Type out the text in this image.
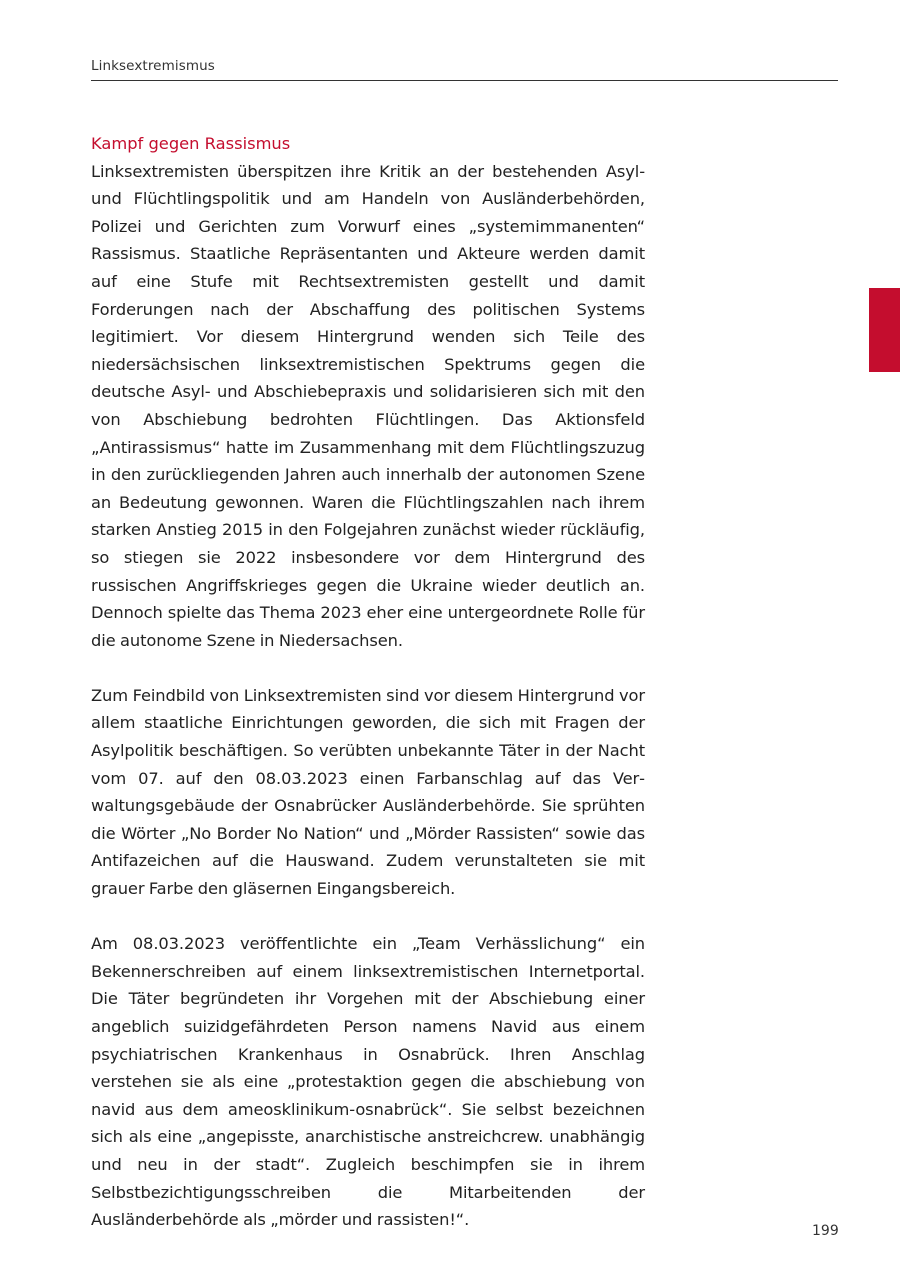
Linksextremismus
Kampf gegen Rassismus

Linksextremisten überspitzen ihre Kritik an der bestehenden Asyl- und Flüchtlingspolitik und am Handeln von Ausländerbehörden, Polizei und Gerichten zum Vorwurf eines „systemimmanenten“ Rassismus. Staatliche Repräsentanten und Akteure werden damit auf eine Stufe mit Rechtsextremisten gestellt und damit Forderungen nach der Abschaffung des politischen Systems legitimiert. Vor diesem Hintergrund wenden sich Teile des niedersächsischen linksextremistischen Spektrums gegen die deutsche Asyl- und Abschiebepraxis und solidarisieren sich mit den von Abschiebung bedrohten Flüchtlingen. Das Aktionsfeld „Antirassismus“ hatte im Zusammenhang mit dem Flüchtlingszuzug in den zurückliegenden Jahren auch innerhalb der autonomen Szene an Bedeutung gewonnen. Waren die Flüchtlingszahlen nach ihrem starken Anstieg 2015 in den Folgejahren zunächst wieder rückläufig, so stiegen sie 2022 insbesondere vor dem Hintergrund des russischen Angriffskrieges gegen die Ukraine wieder deutlich an. Dennoch spielte das Thema 2023 eher eine untergeordnete Rolle für die autonome Szene in Niedersachsen.

Zum Feindbild von Linksextremisten sind vor diesem Hintergrund vor allem staatliche Einrichtungen geworden, die sich mit Fragen der Asylpolitik beschäftigen. So verübten unbekannte Täter in der Nacht vom 07. auf den 08.03.2023 einen Farbanschlag auf das Verwaltungsgebäude der Osnabrücker Ausländerbehörde. Sie sprühten die Wörter „No Border No Nation“ und „Mörder Rassisten“ sowie das Antifazeichen auf die Hauswand. Zudem verunstalteten sie mit grauer Farbe den gläsernen Eingangsbereich.

Am 08.03.2023 veröffentlichte ein „Team Verhässlichung“ ein Bekennerschreiben auf einem linksextremistischen Internetportal. Die Täter begründeten ihr Vorgehen mit der Abschiebung einer angeblich suizidgefährdeten Person namens Navid aus einem psychiatrischen Krankenhaus in Osnabrück. Ihren Anschlag verstehen sie als eine „protestaktion gegen die abschiebung von navid aus dem ameosklinikum-osnabrück“. Sie selbst bezeichnen sich als eine „angepisste, anarchistische anstreichcrew. unabhängig und neu in der stadt“. Zugleich beschimpfen sie in ihrem Selbstbezichtigungsschreiben die Mitarbeitenden der Ausländerbehörde als „mörder und rassisten!“.

199
